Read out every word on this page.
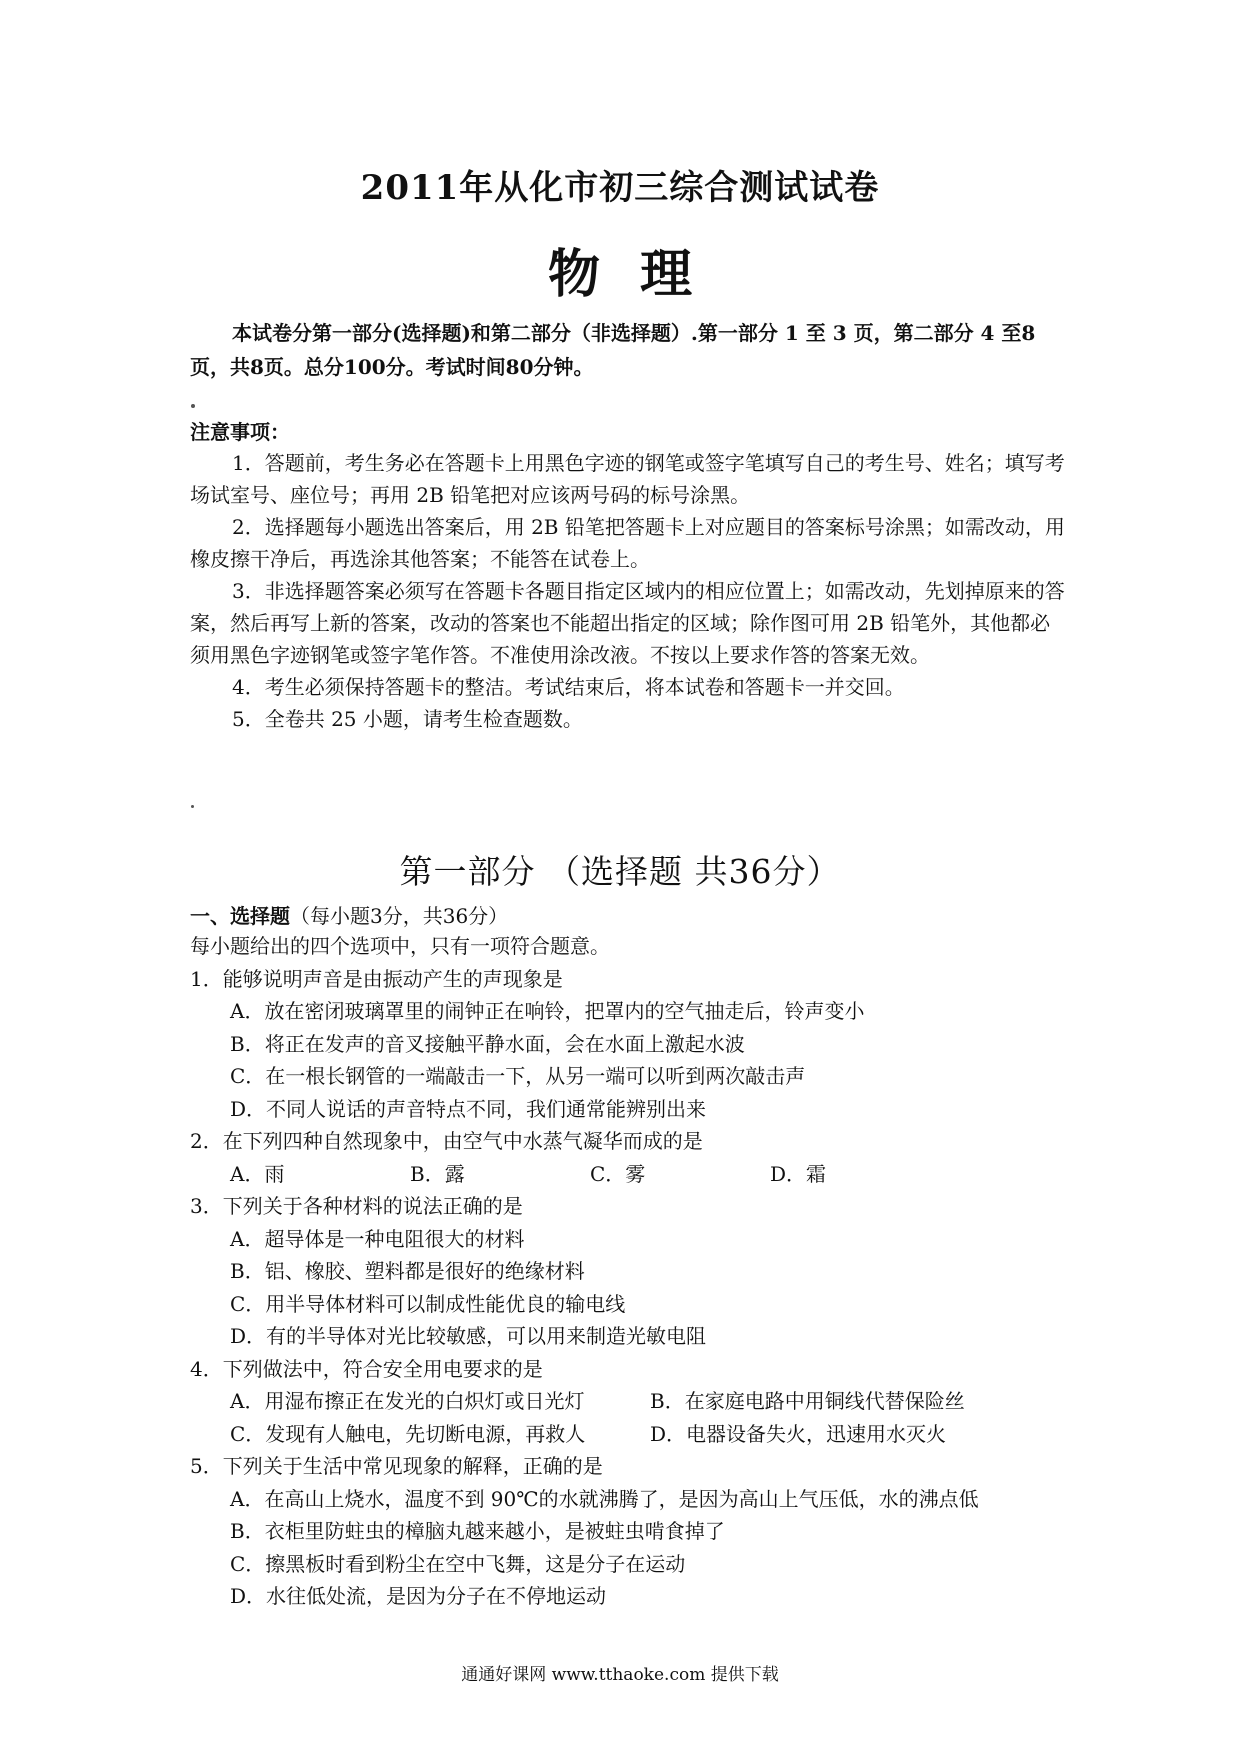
2011年从化市初三综合测试试卷
物理
本试卷分第一部分(选择题)和第二部分（非选择题）.第一部分 1 至 3 页，第二部分 4 至8页，共8页。总分100分。考试时间80分钟。
注意事项：

1．答题前，考生务必在答题卡上用黑色字迹的钢笔或签字笔填写自己的考生号、姓名；填写考场试室号、座位号；再用 2B 铅笔把对应该两号码的标号涂黑。

2．选择题每小题选出答案后，用 2B 铅笔把答题卡上对应题目的答案标号涂黑；如需改动，用橡皮擦干净后，再选涂其他答案；不能答在试卷上。

3．非选择题答案必须写在答题卡各题目指定区域内的相应位置上；如需改动，先划掉原来的答案，然后再写上新的答案，改动的答案也不能超出指定的区域；除作图可用 2B 铅笔外，其他都必须用黑色字迹钢笔或签字笔作答。不准使用涂改液。不按以上要求作答的答案无效。

4．考生必须保持答题卡的整洁。考试结束后，将本试卷和答题卡一并交回。

5．全卷共 25 小题，请考生检查题数。

第一部分 （选择题 共36分）
一、选择题（每小题3分，共36分）

每小题给出的四个选项中，只有一项符合题意。

1．能够说明声音是由振动产生的声现象是

A．放在密闭玻璃罩里的闹钟正在响铃，把罩内的空气抽走后，铃声变小

B．将正在发声的音叉接触平静水面，会在水面上激起水波

C．在一根长钢管的一端敲击一下，从另一端可以听到两次敲击声

D．不同人说话的声音特点不同，我们通常能辨别出来

2．在下列四种自然现象中，由空气中水蒸气凝华而成的是

A．雨	B．露	C．雾	D．霜

3．下列关于各种材料的说法正确的是

A．超导体是一种电阻很大的材料

B．铝、橡胶、塑料都是很好的绝缘材料

C．用半导体材料可以制成性能优良的输电线

D．有的半导体对光比较敏感，可以用来制造光敏电阻

4．下列做法中，符合安全用电要求的是

A．用湿布擦正在发光的白炽灯或日光灯	B．在家庭电路中用铜线代替保险丝
C．发现有人触电，先切断电源，再救人	D．电器设备失火，迅速用水灭火

5．下列关于生活中常见现象的解释，正确的是

A．在高山上烧水，温度不到 90℃的水就沸腾了，是因为高山上气压低，水的沸点低

B．衣柜里防蛀虫的樟脑丸越来越小，是被蛀虫啃食掉了

C．擦黑板时看到粉尘在空中飞舞，这是分子在运动

D．水往低处流，是因为分子在不停地运动

通通好课网 www.tthaoke.com 提供下载
